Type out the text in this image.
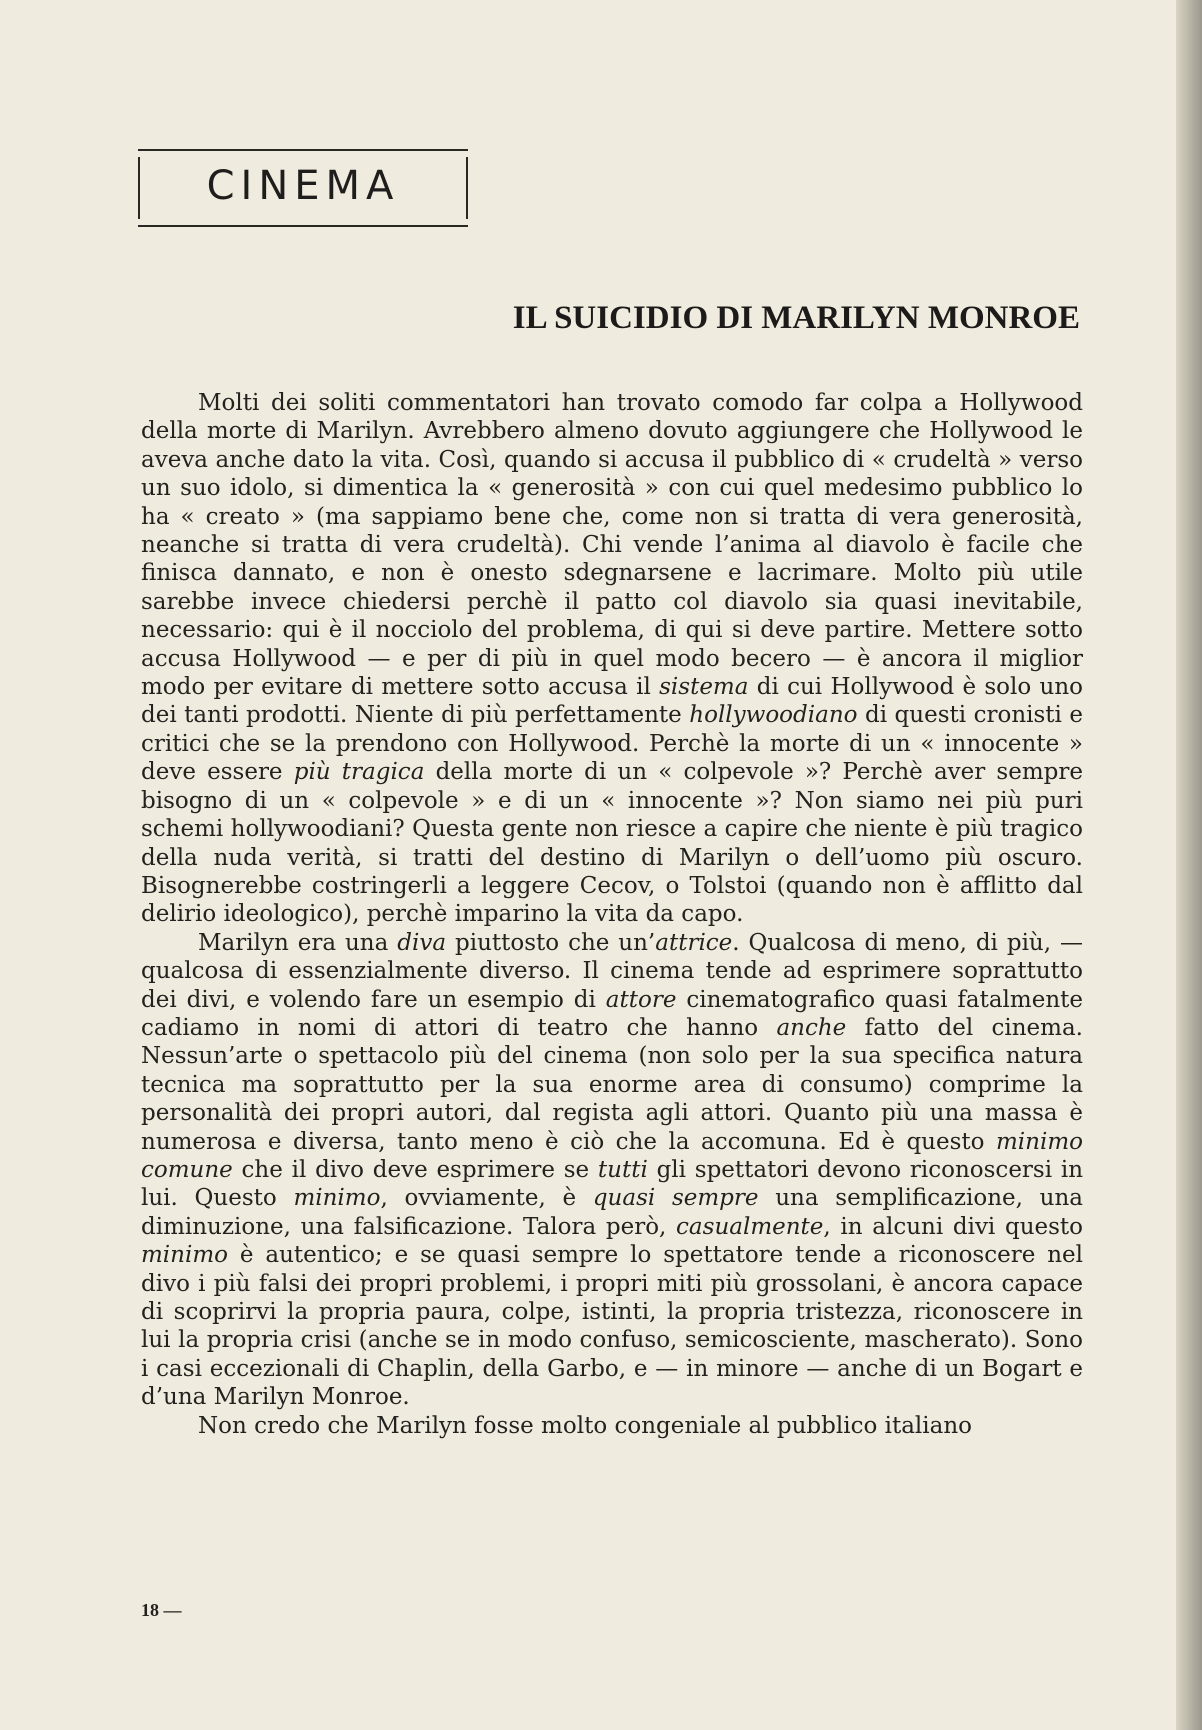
CINEMA
IL SUICIDIO DI MARILYN MONROE

Molti dei soliti commentatori han trovato comodo far colpa a Hollywood della morte di Marilyn. Avrebbero almeno dovuto aggiungere che Hollywood le aveva anche dato la vita. Così, quando si accusa il pubblico di « crudeltà » verso un suo idolo, si dimentica la « generosità » con cui quel medesimo pubblico lo ha « creato » (ma sappiamo bene che, come non si tratta di vera generosità, neanche si tratta di vera crudeltà). Chi vende l’anima al diavolo è facile che finisca dannato, e non è onesto sdegnarsene e lacrimare. Molto più utile sarebbe invece chiedersi perchè il patto col diavolo sia quasi inevitabile, necessario: qui è il nocciolo del problema, di qui si deve partire. Mettere sotto accusa Hollywood — e per di più in quel modo becero — è ancora il miglior modo per evitare di mettere sotto accusa il sistema di cui Hollywood è solo uno dei tanti prodotti. Niente di più perfettamente hollywoodiano di questi cronisti e critici che se la prendono con Hollywood. Perchè la morte di un « innocente » deve essere più tragica della morte di un « colpevole »? Perchè aver sempre bisogno di un « colpevole » e di un « innocente »? Non siamo nei più puri schemi hollywoodiani? Questa gente non riesce a capire che niente è più tragico della nuda verità, si tratti del destino di Marilyn o dell’uomo più oscuro. Bisognerebbe costringerli a leggere Cecov, o Tolstoi (quando non è afflitto dal delirio ideologico), perchè imparino la vita da capo.

Marilyn era una diva piuttosto che un’attrice. Qualcosa di meno, di più, — qualcosa di essenzialmente diverso. Il cinema tende ad esprimere soprattutto dei divi, e volendo fare un esempio di attore cinematografico quasi fatalmente cadiamo in nomi di attori di teatro che hanno anche fatto del cinema. Nessun’arte o spettacolo più del cinema (non solo per la sua specifica natura tecnica ma soprattutto per la sua enorme area di consumo) comprime la personalità dei propri autori, dal regista agli attori. Quanto più una massa è numerosa e diversa, tanto meno è ciò che la accomuna. Ed è questo minimo comune che il divo deve esprimere se tutti gli spettatori devono riconoscersi in lui. Questo minimo, ovviamente, è quasi sempre una semplificazione, una diminuzione, una falsificazione. Talora però, casualmente, in alcuni divi questo minimo è autentico; e se quasi sempre lo spettatore tende a riconoscere nel divo i più falsi dei propri problemi, i propri miti più grossolani, è ancora capace di scoprirvi la propria paura, colpe, istinti, la propria tristezza, riconoscere in lui la propria crisi (anche se in modo confuso, semicosciente, mascherato). Sono i casi eccezionali di Chaplin, della Garbo, e — in minore — anche di un Bogart e d’una Marilyn Monroe.

Non credo che Marilyn fosse molto congeniale al pubblico italiano

18 —
